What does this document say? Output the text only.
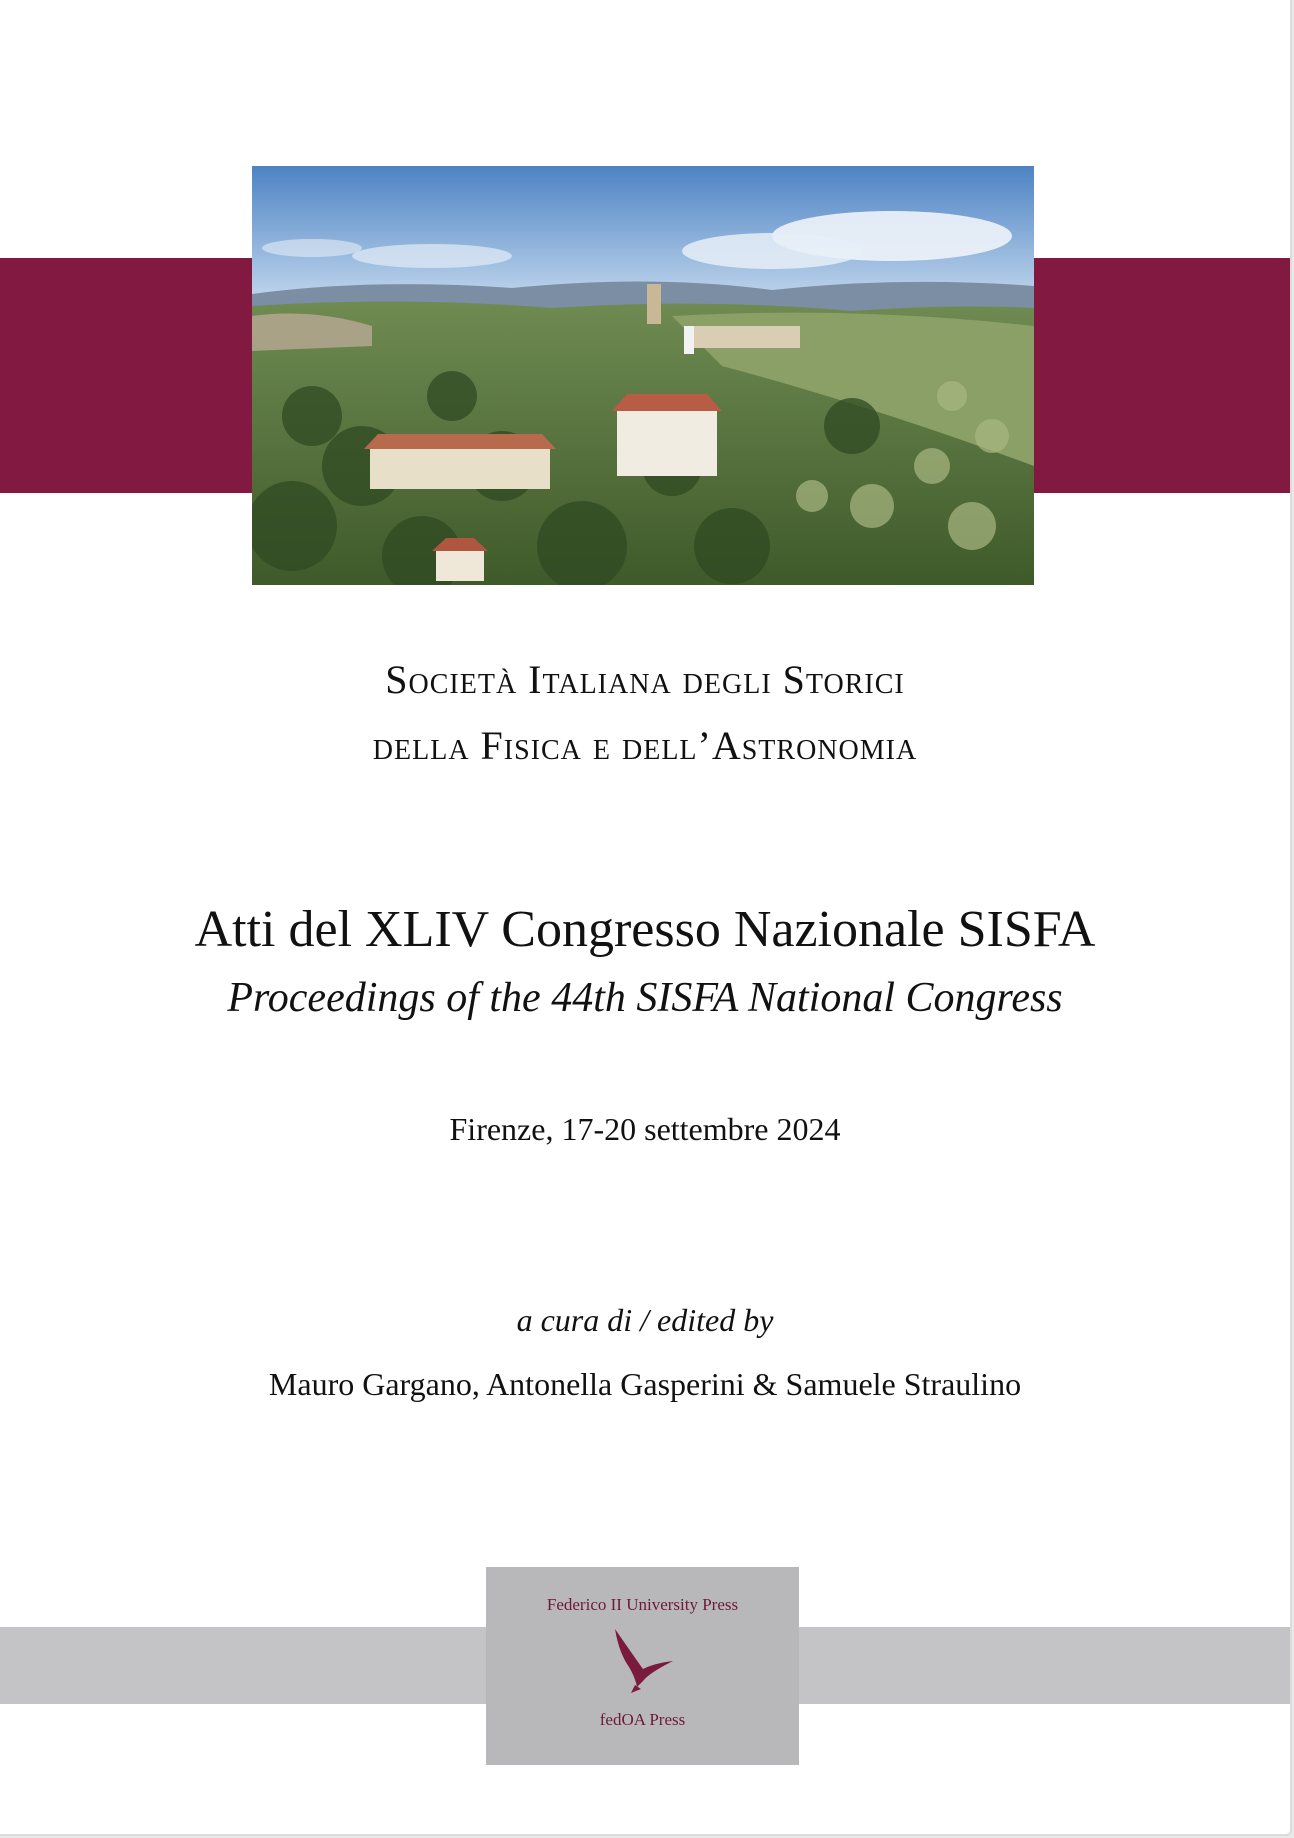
Società Italiana degli Storici
della Fisica e dell’Astronomia
Atti del XLIV Congresso Nazionale SISFA
Proceedings of the 44th SISFA National Congress
Firenze, 17-20 settembre 2024
a cura di / edited by
Mauro Gargano, Antonella Gasperini & Samuele Straulino
Federico II University Press
fedOA Press
